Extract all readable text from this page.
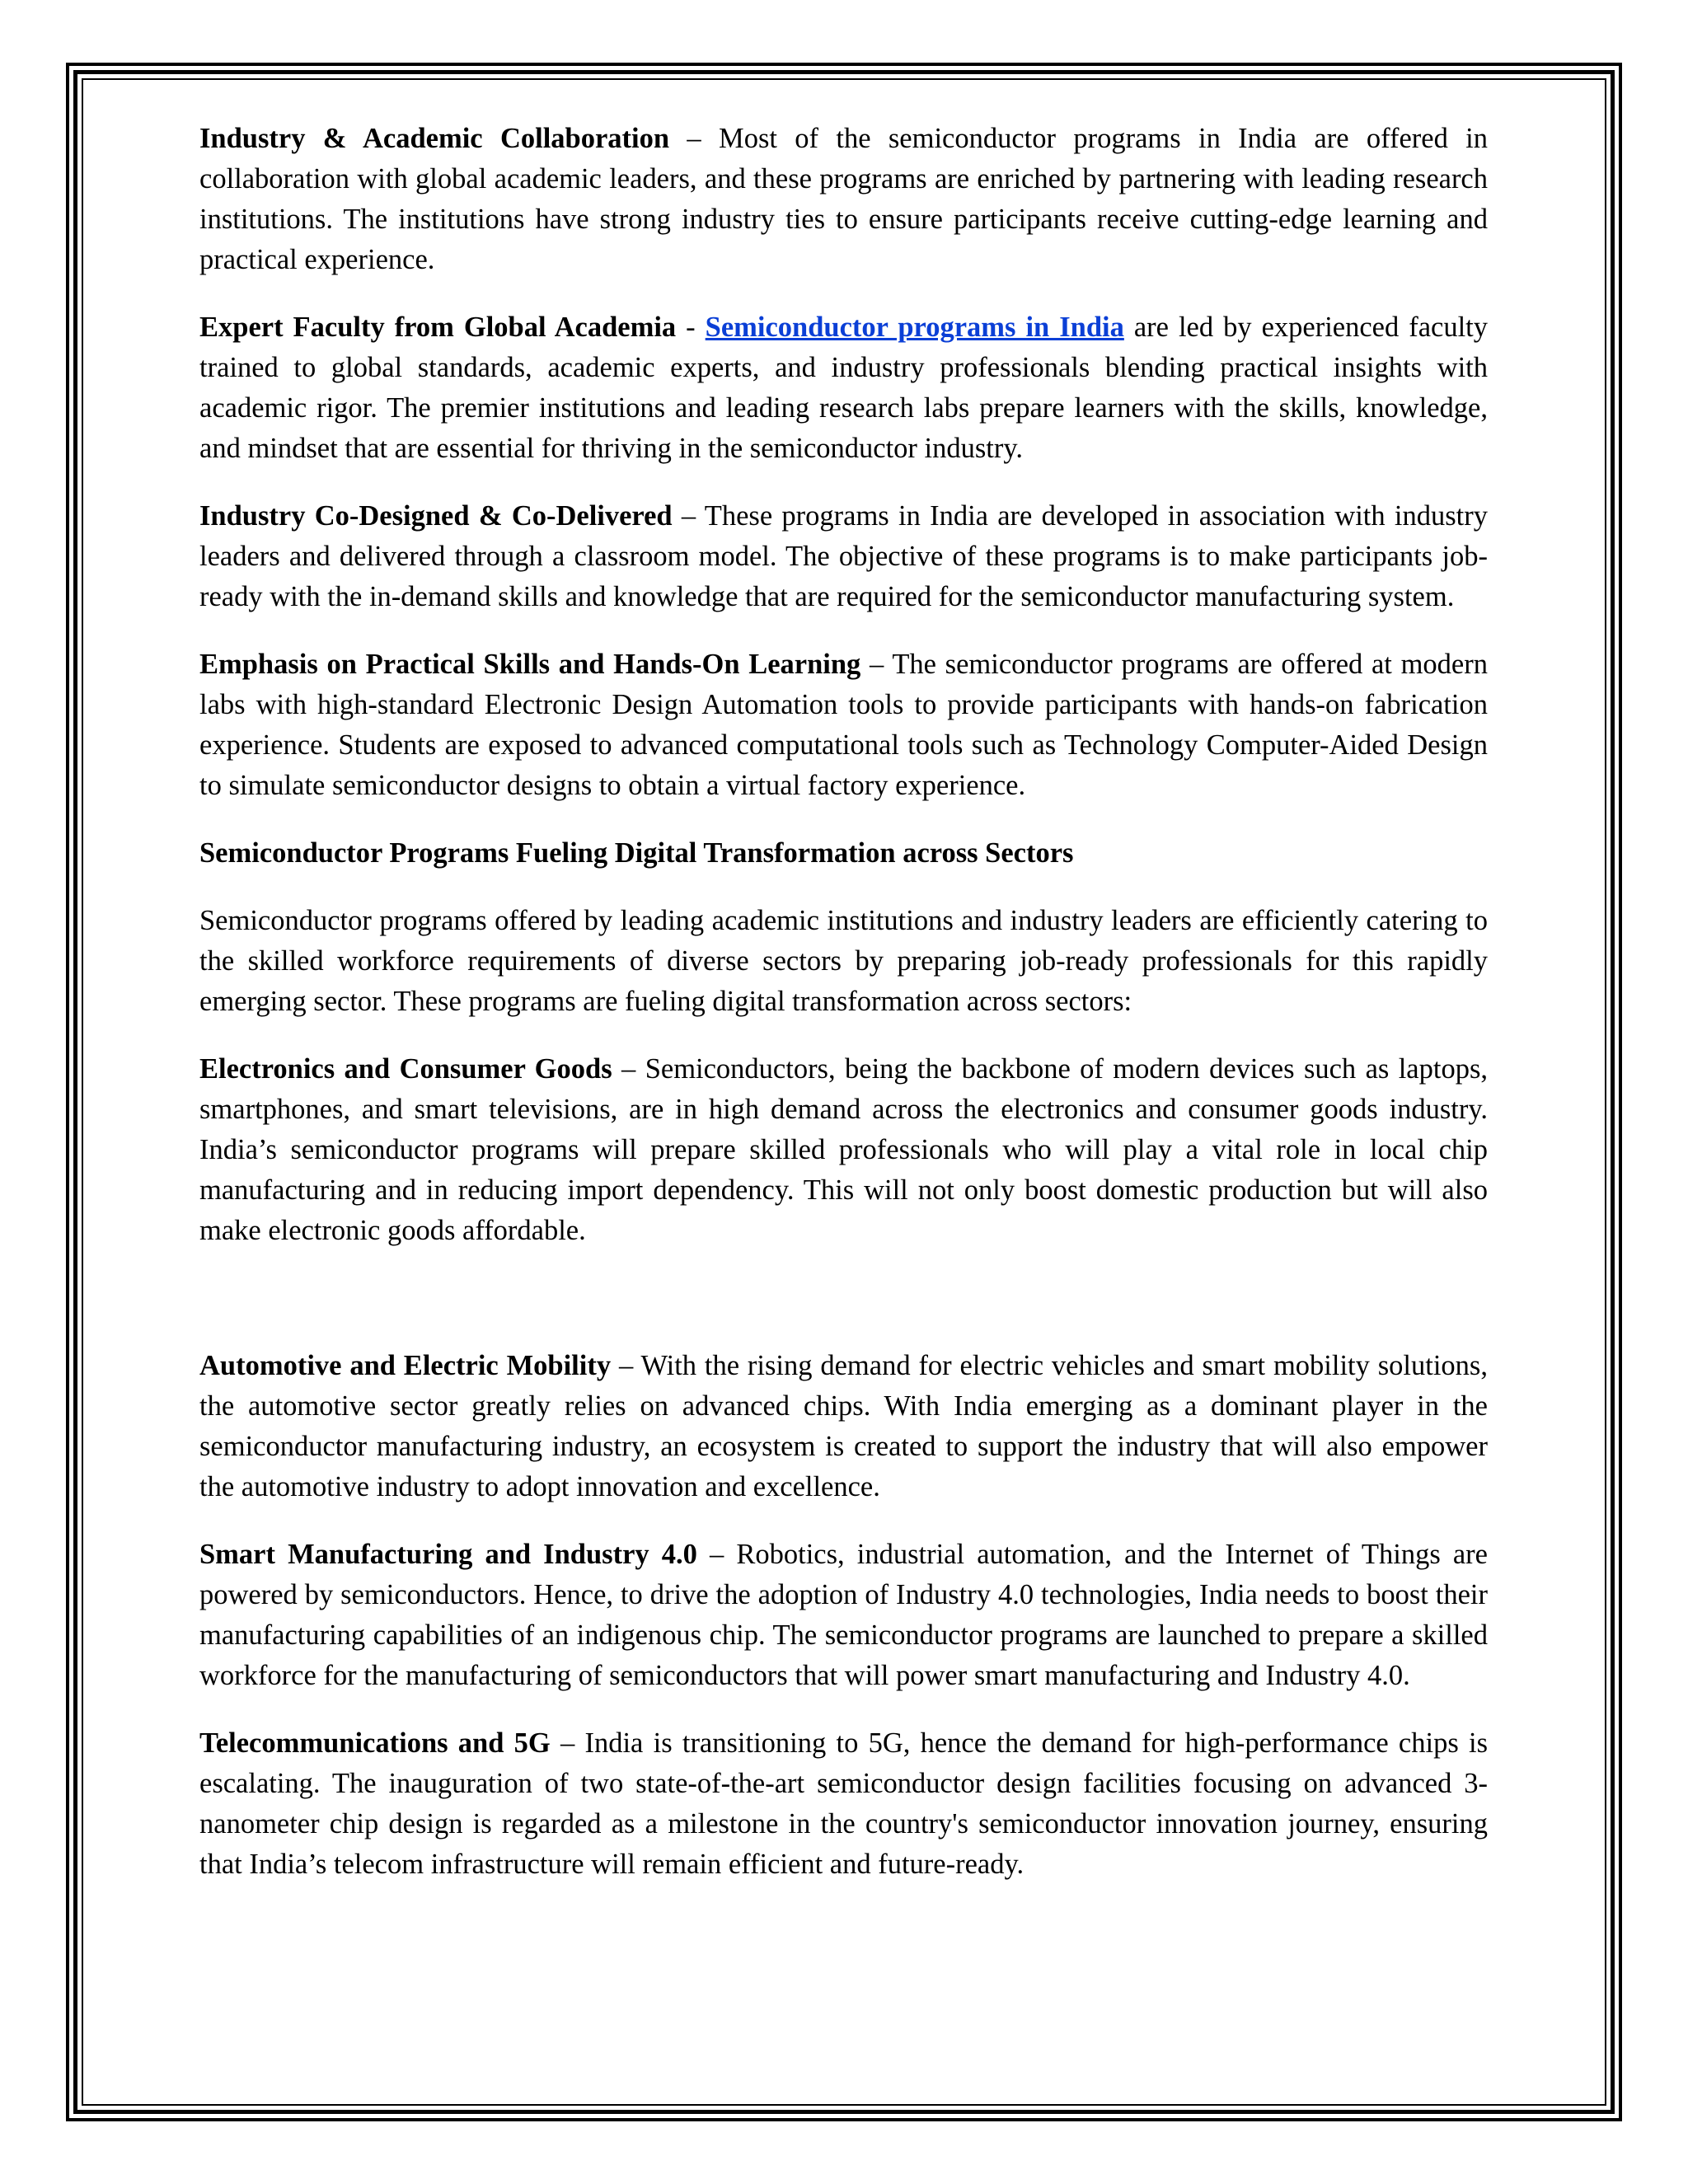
Industry & Academic Collaboration – Most of the semiconductor programs in India are offered in collaboration with global academic leaders, and these programs are enriched by partnering with leading research institutions. The institutions have strong industry ties to ensure participants receive cutting-edge learning and practical experience.

Expert Faculty from Global Academia - Semiconductor programs in India are led by experienced faculty trained to global standards, academic experts, and industry professionals blending practical insights with academic rigor. The premier institutions and leading research labs prepare learners with the skills, knowledge, and mindset that are essential for thriving in the semiconductor industry.

Industry Co-Designed & Co-Delivered – These programs in India are developed in association with industry leaders and delivered through a classroom model. The objective of these programs is to make participants job-ready with the in-demand skills and knowledge that are required for the semiconductor manufacturing system.

Emphasis on Practical Skills and Hands-On Learning – The semiconductor programs are offered at modern labs with high-standard Electronic Design Automation tools to provide participants with hands-on fabrication experience. Students are exposed to advanced computational tools such as Technology Computer-Aided Design to simulate semiconductor designs to obtain a virtual factory experience.

Semiconductor Programs Fueling Digital Transformation across Sectors

Semiconductor programs offered by leading academic institutions and industry leaders are efficiently catering to the skilled workforce requirements of diverse sectors by preparing job-ready professionals for this rapidly emerging sector. These programs are fueling digital transformation across sectors:

Electronics and Consumer Goods – Semiconductors, being the backbone of modern devices such as laptops, smartphones, and smart televisions, are in high demand across the electronics and consumer goods industry. India’s semiconductor programs will prepare skilled professionals who will play a vital role in local chip manufacturing and in reducing import dependency. This will not only boost domestic production but will also make electronic goods affordable.

Automotive and Electric Mobility – With the rising demand for electric vehicles and smart mobility solutions, the automotive sector greatly relies on advanced chips. With India emerging as a dominant player in the semiconductor manufacturing industry, an ecosystem is created to support the industry that will also empower the automotive industry to adopt innovation and excellence.

Smart Manufacturing and Industry 4.0 – Robotics, industrial automation, and the Internet of Things are powered by semiconductors. Hence, to drive the adoption of Industry 4.0 technologies, India needs to boost their manufacturing capabilities of an indigenous chip. The semiconductor programs are launched to prepare a skilled workforce for the manufacturing of semiconductors that will power smart manufacturing and Industry 4.0.

Telecommunications and 5G – India is transitioning to 5G, hence the demand for high-performance chips is escalating. The inauguration of two state-of-the-art semiconductor design facilities focusing on advanced 3-nanometer chip design is regarded as a milestone in the country's semiconductor innovation journey, ensuring that India’s telecom infrastructure will remain efficient and future-ready.
